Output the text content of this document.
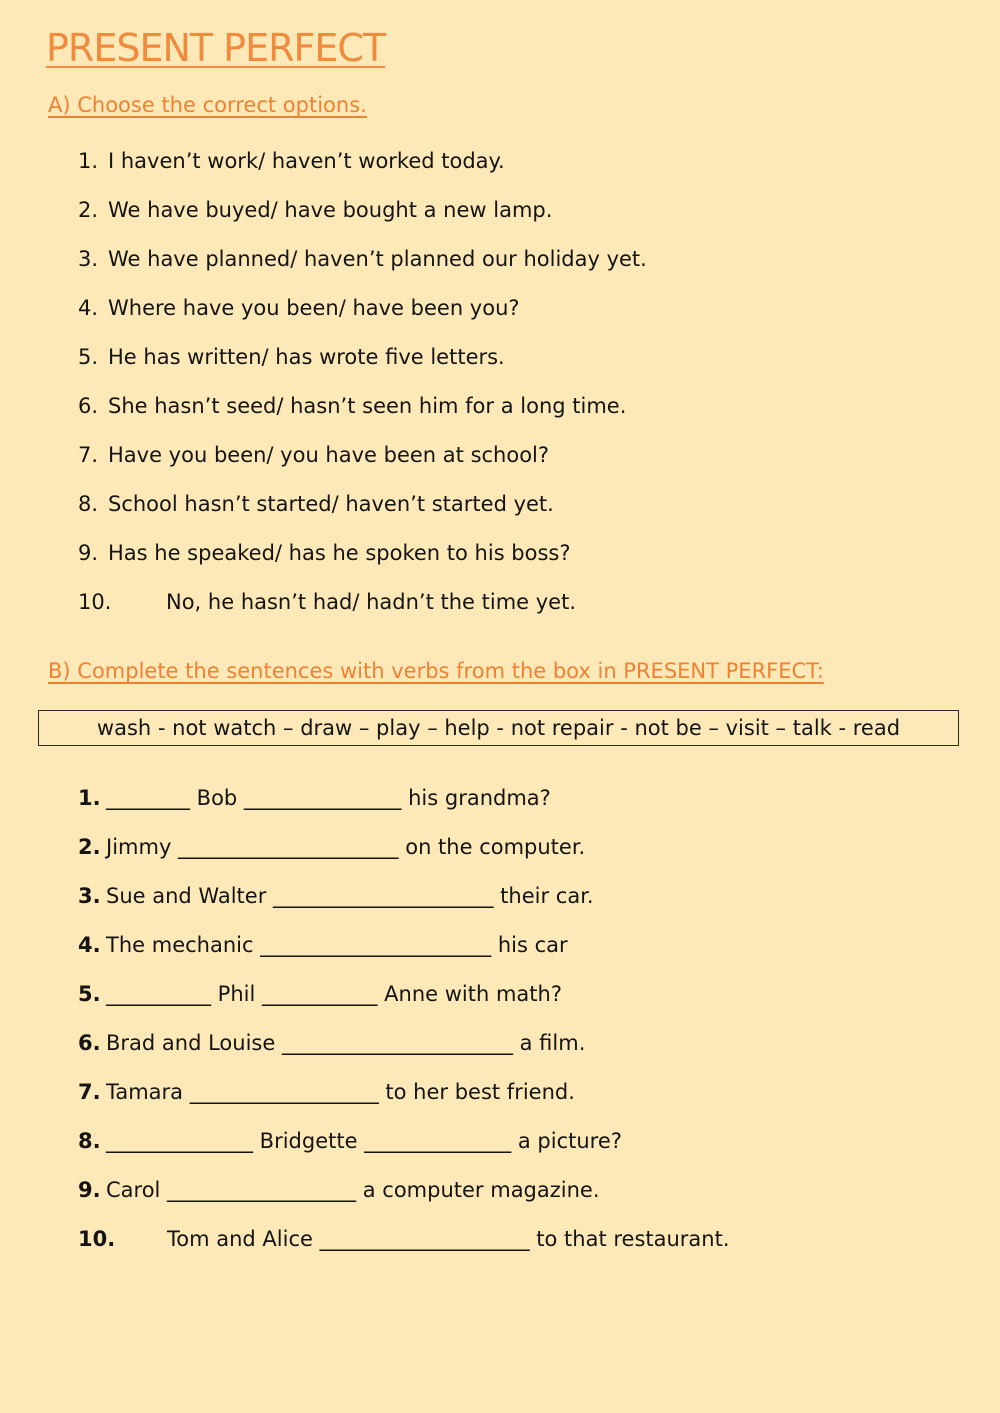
PRESENT PERFECT
A) Choose the correct options.
1. I haven’t work/ haven’t worked today.
2. We have buyed/ have bought a new lamp.
3. We have planned/ haven’t planned our holiday yet.
4. Where have you been/ have been you?
5. He has written/ has wrote five letters.
6. She hasn’t seed/ hasn’t seen him for a long time.
7. Have you been/ you have been at school?
8. School hasn’t started/ haven’t started yet.
9. Has he speaked/ has he spoken to his boss?
10.	No, he hasn’t had/ hadn’t the time yet.
B) Complete the sentences with verbs from the box in PRESENT PERFECT:
wash - not watch – draw – play – help - not repair - not be – visit – talk - read
1. ________ Bob _______________ his grandma?
2. Jimmy _____________________ on the computer.
3. Sue and Walter _____________________ their car.
4. The mechanic ______________________ his car
5. __________ Phil ___________ Anne with math?
6. Brad and Louise ______________________ a film.
7. Tamara __________________ to her best friend.
8. ______________ Bridgette ______________ a picture?
9. Carol __________________ a computer magazine.
10. Tom and Alice ____________________ to that restaurant.
